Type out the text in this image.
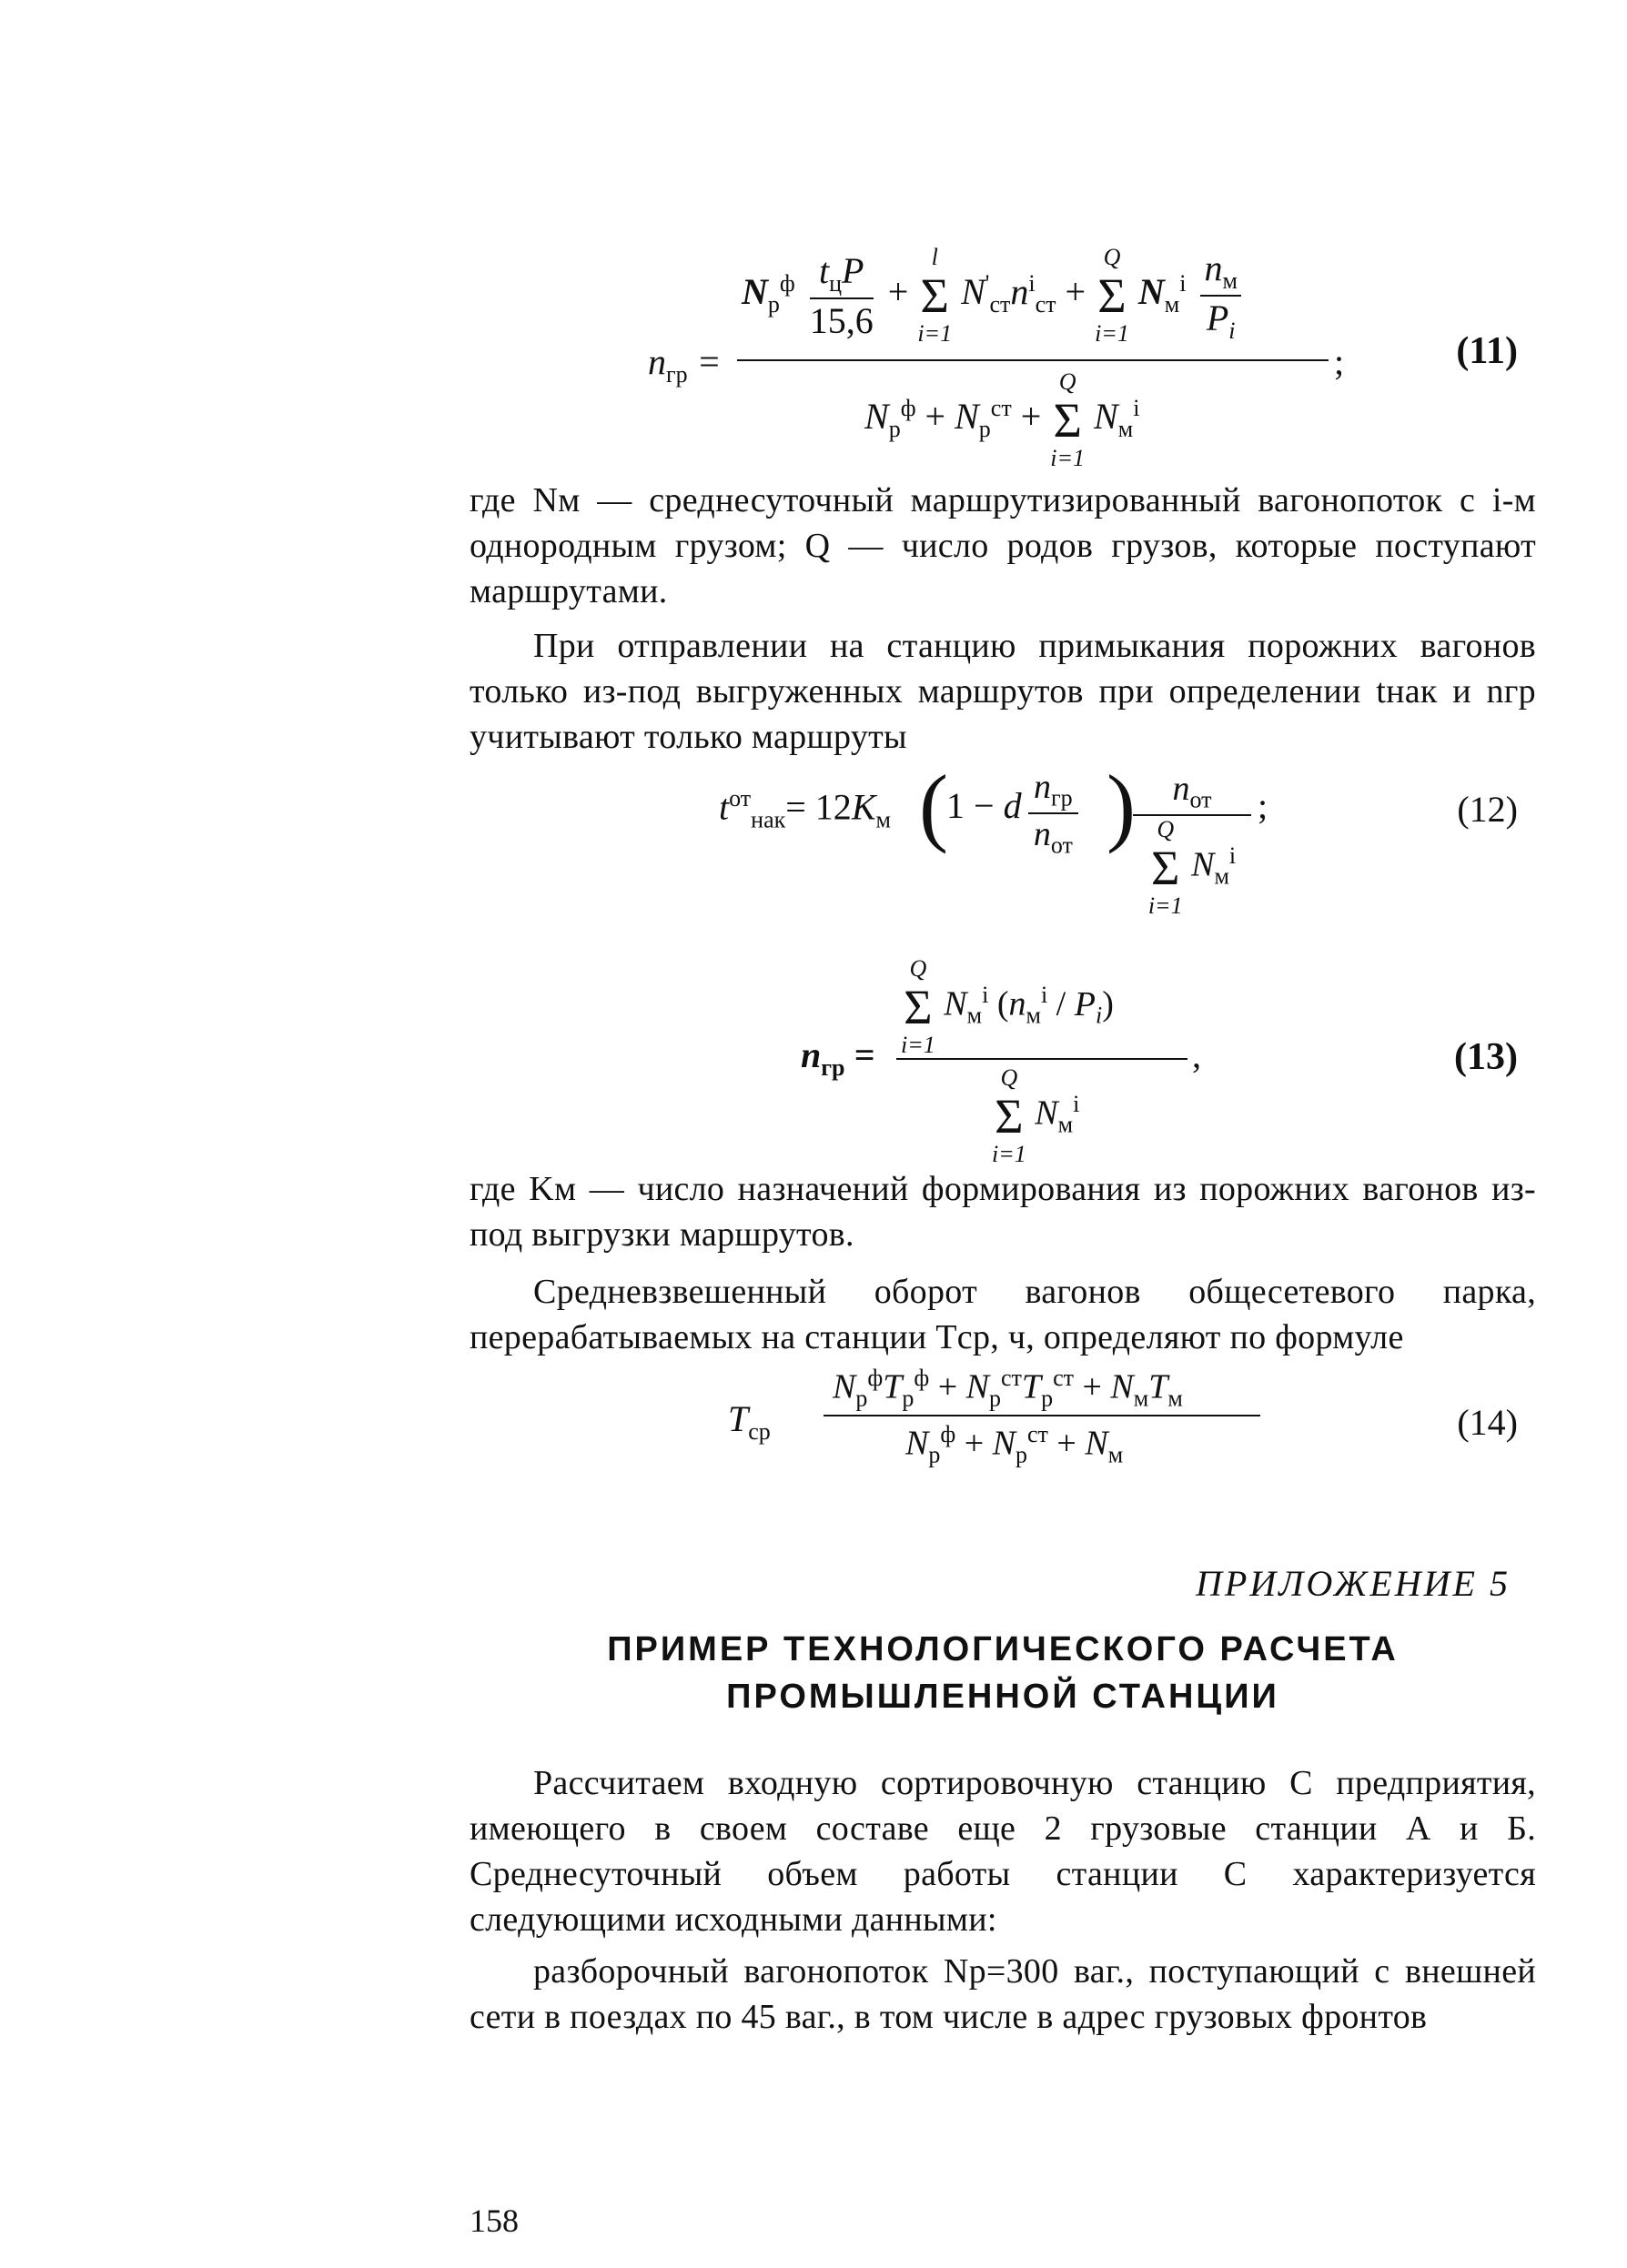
$n_{гр}$ =
$N_р^ф$ $t_цP$
15,6
+
l
Σ
i=1
$N'_{ст}n^i_{ст}$ +
Q
Σ
i=1
$N_м^i$ $n_м$
$P_i$
;
$N_р^ф + N_р^{ст}$ +
Q
Σ
i=1
$N_м^i$
(11)
где Nм — среднесуточный маршрутизированный вагонопоток с i-м однородным грузом; Q — число родов грузов, которые поступают маршрутами.
При отправлении на станцию примыкания порожних вагонов только из-под выгруженных маршрутов при определении tнак и nгр учитывают только маршруты
$t^{от}_{нак}= 12K_м$ (
1 − d $n_{гр}$
$n_{от}$ )	$n_{от}$
Q
Σ
i=1
$N_м^i$
;	(12)
$n_{гр}$ =
Q
Σ
i=1
$N_м^i$ $(n_м^i / P_i)$
,
Q
Σ
i=1
$N_м^i$
(13)
где Kм — число назначений формирования из порожних вагонов из-под выгрузки маршрутов.
Средневзвешенный оборот вагонов общесетевого парка, перерабатываемых на станции Tср, ч, определяют по формуле
$T_{ср}$
$N_р^фT_р^ф + N_р^{ст}T_р^{ст} + N_мT_м$
$N_р^ф + N_р^{ст} + N_м$
(14)
ПРИЛОЖЕНИЕ 5
ПРИМЕР ТЕХНОЛОГИЧЕСКОГО РАСЧЕТА
ПРОМЫШЛЕННОЙ СТАНЦИИ
Рассчитаем входную сортировочную станцию С предприятия, имеющего в своем составе еще 2 грузовые станции А и Б. Среднесуточный объем работы станции С характеризуется следующими исходными данными:
разборочный вагонопоток Nр=300 ваг., поступающий с внешней сети в поездах по 45 ваг., в том числе в адрес грузовых фронтов
158
